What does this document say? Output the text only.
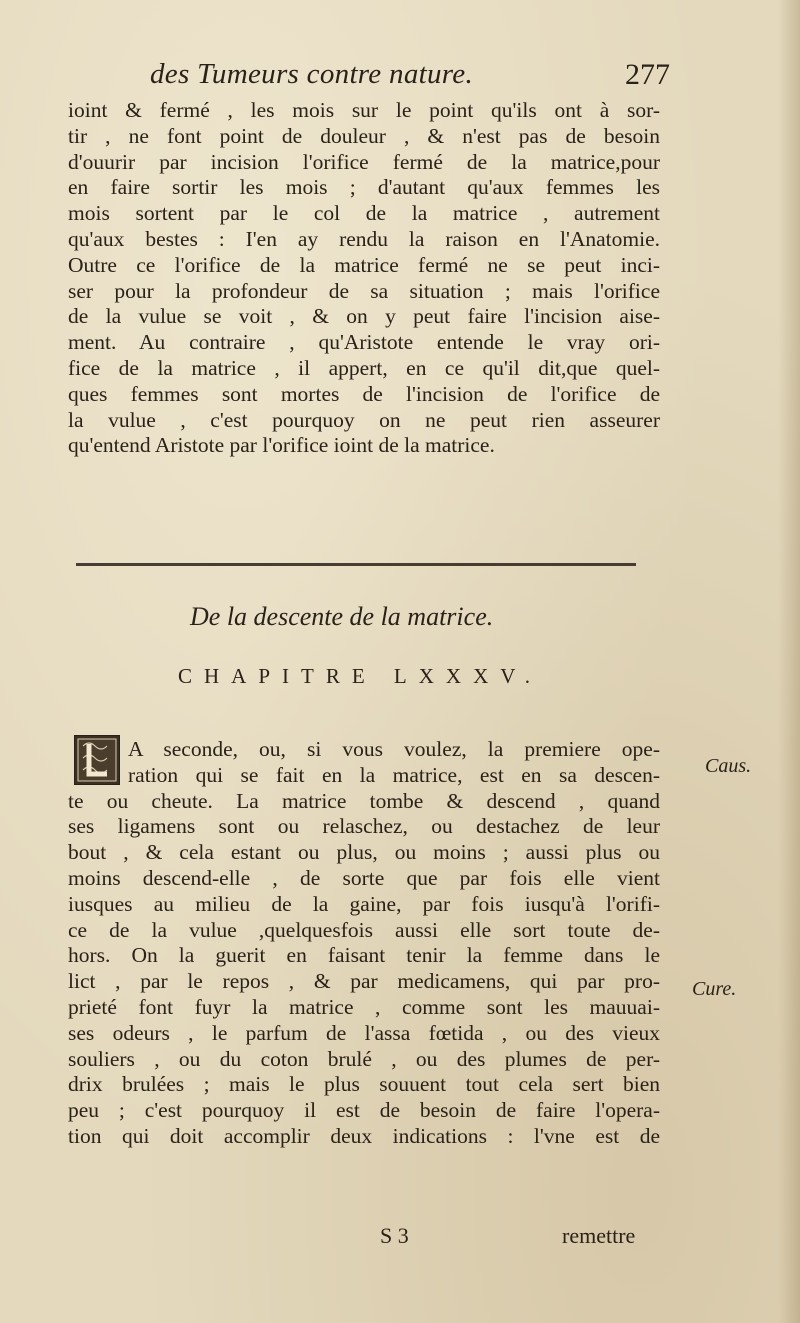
des Tumeurs contre nature.	277
ioint & fermé , les mois sur le point qu'ils ont à sor-
tir , ne font point de douleur , & n'est pas de besoin
d'ouurir par incision l'orifice fermé de la matrice,pour
en faire sortir les mois ; d'autant qu'aux femmes les
mois sortent par le col de la matrice , autrement
qu'aux bestes : I'en ay rendu la raison en l'Anatomie.
Outre ce l'orifice de la matrice fermé ne se peut inci-
ser pour la profondeur de sa situation ; mais l'orifice
de la vulue se voit , & on y peut faire l'incision aise-
ment. Au contraire , qu'Aristote entende le vray ori-
fice de la matrice , il appert, en ce qu'il dit,que quel-
ques femmes sont mortes de l'incision de l'orifice de
la vulue , c'est pourquoy on ne peut rien asseurer
qu'entend Aristote par l'orifice ioint de la matrice.
De la descente de la matrice.
CHAPITRE LXXXV.
A seconde, ou, si vous voulez, la premiere ope-
ration qui se fait en la matrice, est en sa descen-
te ou cheute. La matrice tombe & descend , quand
ses ligamens sont ou relaschez, ou destachez de leur
bout , & cela estant ou plus, ou moins ; aussi plus ou
moins descend-elle , de sorte que par fois elle vient
iusques au milieu de la gaine, par fois iusqu'à l'orifi-
ce de la vulue ,quelquesfois aussi elle sort toute de-
hors. On la guerit en faisant tenir la femme dans le
lict , par le repos , & par medicamens, qui par pro-
prieté font fuyr la matrice , comme sont les mauuai-
ses odeurs , le parfum de l'assa fœtida , ou des vieux
souliers , ou du coton brulé , ou des plumes de per-
drix brulées ; mais le plus souuent tout cela sert bien
peu ; c'est pourquoy il est de besoin de faire l'opera-
tion qui doit accomplir deux indications : l'vne est de
Caus.
Cure.
S 3	remettre
